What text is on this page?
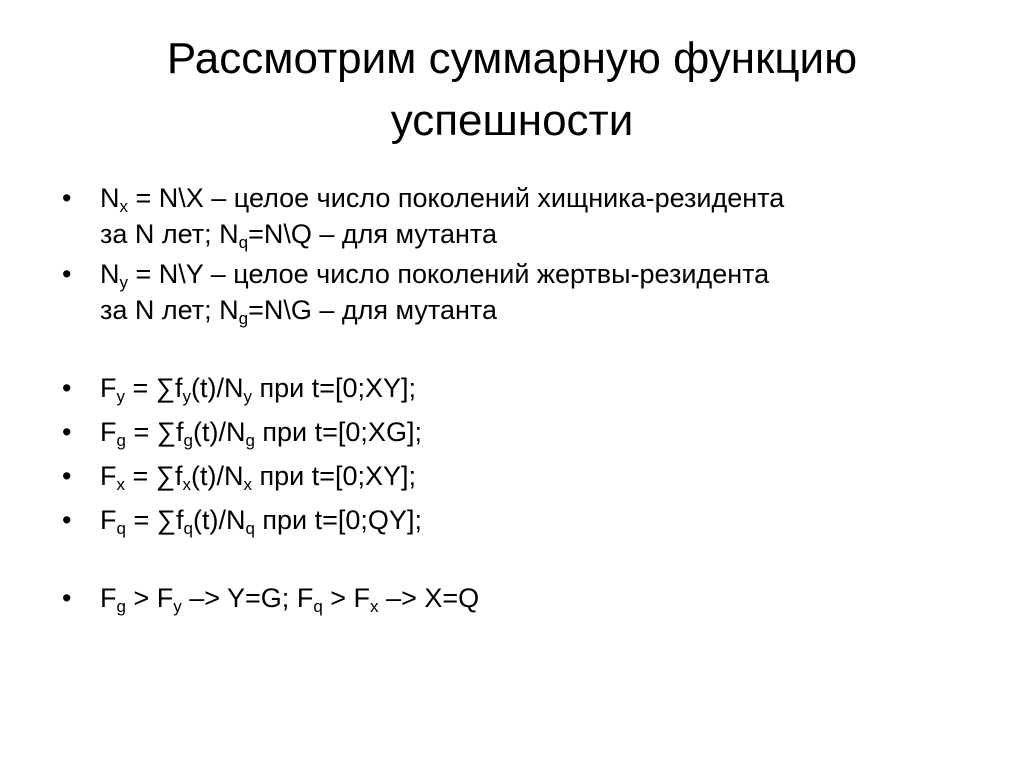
Рассмотрим суммарную функцию
успешности
•	$N_x$ = N\X – целое число поколений хищника-резидента
за N лет; $N_q=N\backslash Q$ – для мутанта
•	$N_y$ = N\Y – целое число поколений жертвы-резидента
за N лет; $N_g=N\backslash G$ – для мутанта
•	$F_y = \sum f_y(t)/N_y$ при t=[0;XY];
•	$F_g = \sum f_g(t)/N_g$ при t=[0;XG];
•	$F_x = \sum f_x(t)/N_x$ при t=[0;XY];
•	$F_q = \sum f_q(t)/N_q$ при t=[0;QY];
•	$F_g > F_y -> Y=G$; $F_q > F_x -> X=Q$
